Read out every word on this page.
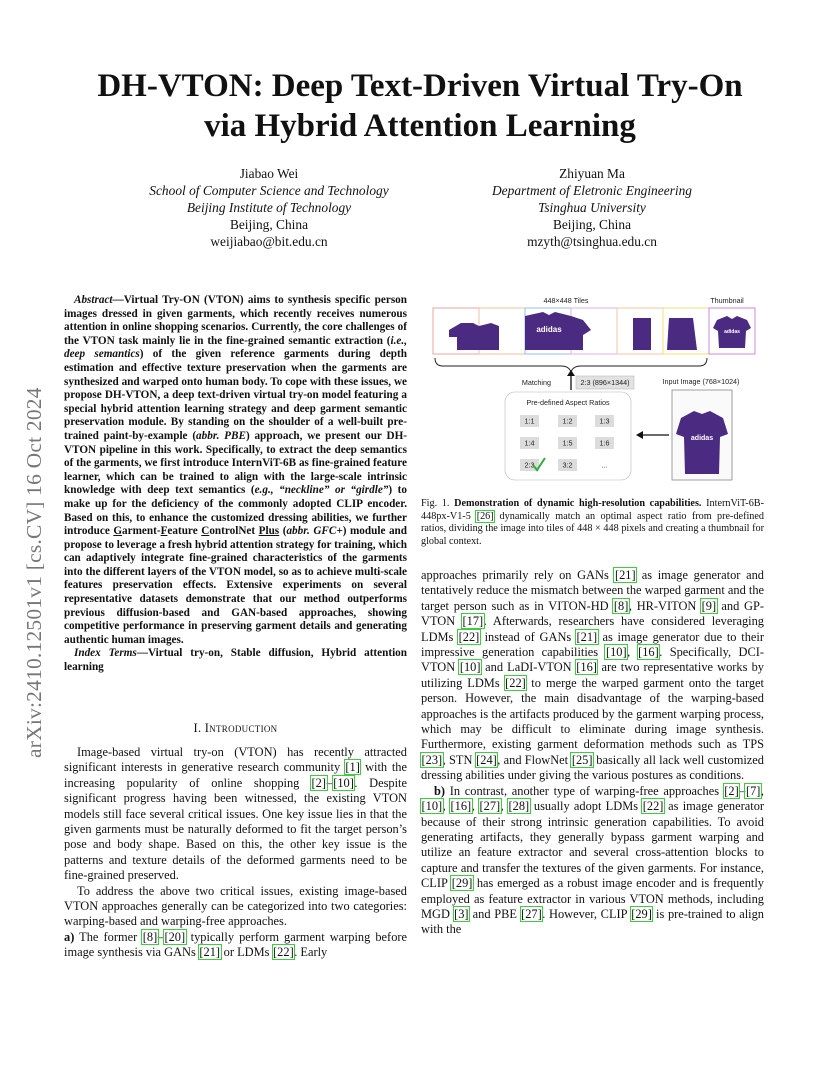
arXiv:2410.12501v1 [cs.CV] 16 Oct 2024
DH-VTON: Deep Text-Driven Virtual Try-On
via Hybrid Attention Learning
Jiabao Wei
School of Computer Science and Technology
Beijing Institute of Technology
Beijing, China
weijiabao@bit.edu.cn
Zhiyuan Ma
Department of Eletronic Engineering
Tsinghua University
Beijing, China
mzyth@tsinghua.edu.cn

Abstract—Virtual Try-ON (VTON) aims to synthesis specific person images dressed in given garments, which recently receives numerous attention in online shopping scenarios. Currently, the core challenges of the VTON task mainly lie in the fine-grained semantic extraction (i.e., deep semantics) of the given reference garments during depth estimation and effective texture preservation when the garments are synthesized and warped onto human body. To cope with these issues, we propose DH-VTON, a deep text-driven virtual try-on model featuring a special hybrid attention learning strategy and deep garment semantic preservation module. By standing on the shoulder of a well-built pre-trained paint-by-example (abbr. PBE) approach, we present our DH-VTON pipeline in this work. Specifically, to extract the deep semantics of the garments, we first introduce InternViT-6B as fine-grained feature learner, which can be trained to align with the large-scale intrinsic knowledge with deep text semantics (e.g., “neckline” or “girdle”) to make up for the deficiency of the commonly adopted CLIP encoder. Based on this, to enhance the customized dressing abilities, we further introduce Garment-Feature ControlNet Plus (abbr. GFC+) module and propose to leverage a fresh hybrid attention strategy for training, which can adaptively integrate fine-grained characteristics of the garments into the different layers of the VTON model, so as to achieve multi-scale features preservation effects. Extensive experiments on several representative datasets demonstrate that our method outperforms previous diffusion-based and GAN-based approaches, showing competitive performance in preserving garment details and generating authentic human images.

Index Terms—Virtual try-on, Stable diffusion, Hybrid attention learning

I. Introduction

Image-based virtual try-on (VTON) has recently attracted significant interests in generative research community [1] with the increasing popularity of online shopping [2]–[10]. Despite significant progress having been witnessed, the existing VTON models still face several critical issues. One key issue lies in that the given garments must be naturally deformed to fit the target person’s pose and body shape. Based on this, the other key issue is the patterns and texture details of the deformed garments need to be fine-grained preserved.

To address the above two critical issues, existing image-based VTON approaches generally can be categorized into two categories: warping-based and warping-free approaches.

a) The former [8]–[20] typically perform garment warping before image synthesis via GANs [21] or LDMs [22]. Early

448×448 Tiles	Thumbnail
adidas	adidas
Matching	2:3 (896×1344)	Input Image (768×1024)
Pre-defined Aspect Ratios
1:1	1:2	1:3
1:4	1:5	1:6
2:3	3:2	...
adidas
Fig. 1. Demonstration of dynamic high-resolution capabilities. InternViT-6B-448px-V1-5 [26] dynamically match an optimal aspect ratio from pre-defined ratios, dividing the image into tiles of 448 × 448 pixels and creating a thumbnail for global context.

approaches primarily rely on GANs [21] as image generator and tentatively reduce the mismatch between the warped garment and the target person such as in VITON-HD [8], HR-VITON [9] and GP-VTON [17]. Afterwards, researchers have considered leveraging LDMs [22] instead of GANs [21] as image generator due to their impressive generation capabilities [10], [16]. Specifically, DCI-VTON [10] and LaDI-VTON [16] are two representative works by utilizing LDMs [22] to merge the warped garment onto the target person. However, the main disadvantage of the warping-based approaches is the artifacts produced by the garment warping process, which may be difficult to eliminate during image synthesis. Furthermore, existing garment deformation methods such as TPS [23], STN [24], and FlowNet [25] basically all lack well customized dressing abilities under giving the various postures as conditions.

b) In contrast, another type of warping-free approaches [2]–[7], [10], [16], [27], [28] usually adopt LDMs [22] as image generator because of their strong intrinsic generation capabilities. To avoid generating artifacts, they generally bypass garment warping and utilize an feature extractor and several cross-attention blocks to capture and transfer the textures of the given garments. For instance, CLIP [29] has emerged as a robust image encoder and is frequently employed as feature extractor in various VTON methods, including MGD [3] and PBE [27]. However, CLIP [29] is pre-trained to align with the
